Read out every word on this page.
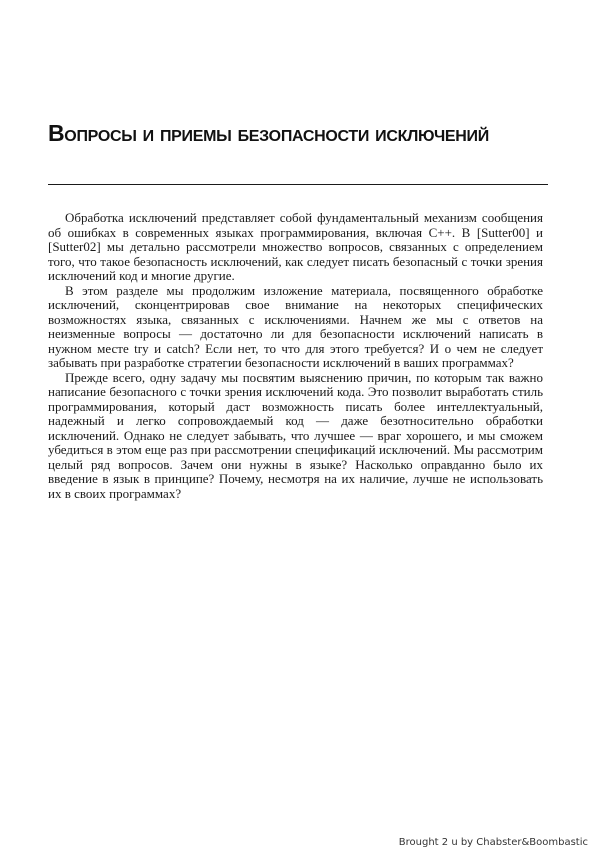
Вопросы и приемы безопасности исключений

Обработка исключений представляет собой фундаментальный механизм сообщения об ошибках в современных языках программирования, включая C++. В [Sutter00] и [Sutter02] мы детально рассмотрели множество вопросов, связанных с определением того, что такое безопасность исключений, как следует писать безопасный с точки зрения исключений код и многие другие.

В этом разделе мы продолжим изложение материала, посвященного обработке исключений, сконцентрировав свое внимание на некоторых специфических возможностях языка, связанных с исключениями. Начнем же мы с ответов на неизменные вопросы — достаточно ли для безопасности исключений написать в нужном месте try и catch? Если нет, то что для этого требуется? И о чем не следует забывать при разработке стратегии безопасности исключений в ваших программах?

Прежде всего, одну задачу мы посвятим выяснению причин, по которым так важно написание безопасного с точки зрения исключений кода. Это позволит выработать стиль программирования, который даст возможность писать более интеллектуальный, надежный и легко сопровождаемый код — даже безотносительно обработки исключений. Однако не следует забывать, что лучшее — враг хорошего, и мы сможем убедиться в этом еще раз при рассмотрении спецификаций исключений. Мы рассмотрим целый ряд вопросов. Зачем они нужны в языке? Насколько оправданно было их введение в язык в принципе? Почему, несмотря на их наличие, лучше не использовать их в своих программах?

Brought 2 u by Chabster&Boombastic
